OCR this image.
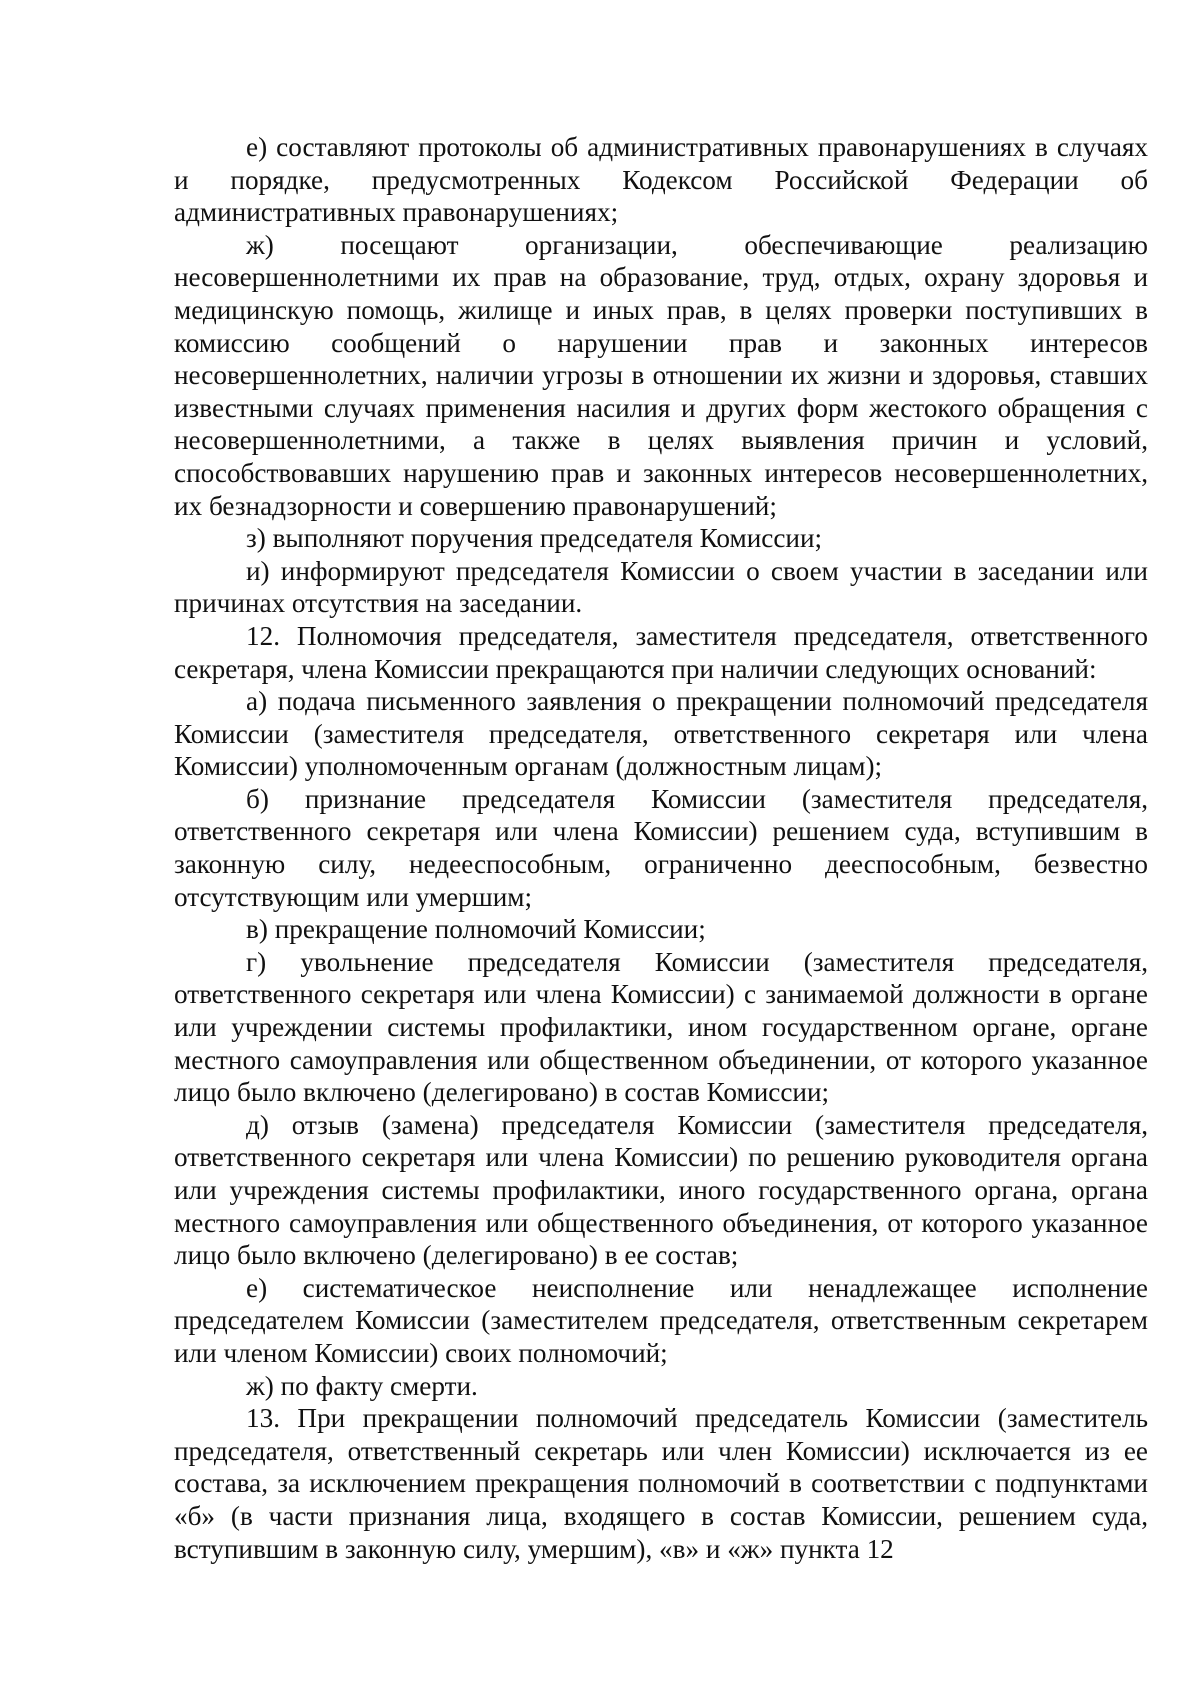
е) составляют протоколы об административных правонарушениях в случаях и порядке, предусмотренных Кодексом Российской Федерации об административных правонарушениях;

ж) посещают организации, обеспечивающие реализацию несовершеннолетними их прав на образование, труд, отдых, охрану здоровья и медицинскую помощь, жилище и иных прав, в целях проверки поступивших в комиссию сообщений о нарушении прав и законных интересов несовершеннолетних, наличии угрозы в отношении их жизни и здоровья, ставших известными случаях применения насилия и других форм жестокого обращения с несовершеннолетними, а также в целях выявления причин и условий, способствовавших нарушению прав и законных интересов несовершеннолетних, их безнадзорности и совершению правонарушений;

з) выполняют поручения председателя Комиссии;

и) информируют председателя Комиссии о своем участии в заседании или причинах отсутствия на заседании.

12. Полномочия председателя, заместителя председателя, ответственного секретаря, члена Комиссии прекращаются при наличии следующих оснований:

а) подача письменного заявления о прекращении полномочий председателя Комиссии (заместителя председателя, ответственного секретаря или члена Комиссии) уполномоченным органам (должностным лицам);

б) признание председателя Комиссии (заместителя председателя, ответственного секретаря или члена Комиссии) решением суда, вступившим в законную силу, недееспособным, ограниченно дееспособным, безвестно отсутствующим или умершим;

в) прекращение полномочий Комиссии;

г) увольнение председателя Комиссии (заместителя председателя, ответственного секретаря или члена Комиссии) с занимаемой должности в органе или учреждении системы профилактики, ином государственном органе, органе местного самоуправления или общественном объединении, от которого указанное лицо было включено (делегировано) в состав Комиссии;

д) отзыв (замена) председателя Комиссии (заместителя председателя, ответственного секретаря или члена Комиссии) по решению руководителя органа или учреждения системы профилактики, иного государственного органа, органа местного самоуправления или общественного объединения, от которого указанное лицо было включено (делегировано) в ее состав;

е) систематическое неисполнение или ненадлежащее исполнение председателем Комиссии (заместителем председателя, ответственным секретарем или членом Комиссии) своих полномочий;

ж) по факту смерти.

13. При прекращении полномочий председатель Комиссии (заместитель председателя, ответственный секретарь или член Комиссии) исключается из ее состава, за исключением прекращения полномочий в соответствии с подпунктами «б» (в части признания лица, входящего в состав Комиссии, решением суда, вступившим в законную силу, умершим), «в» и «ж» пункта 12
